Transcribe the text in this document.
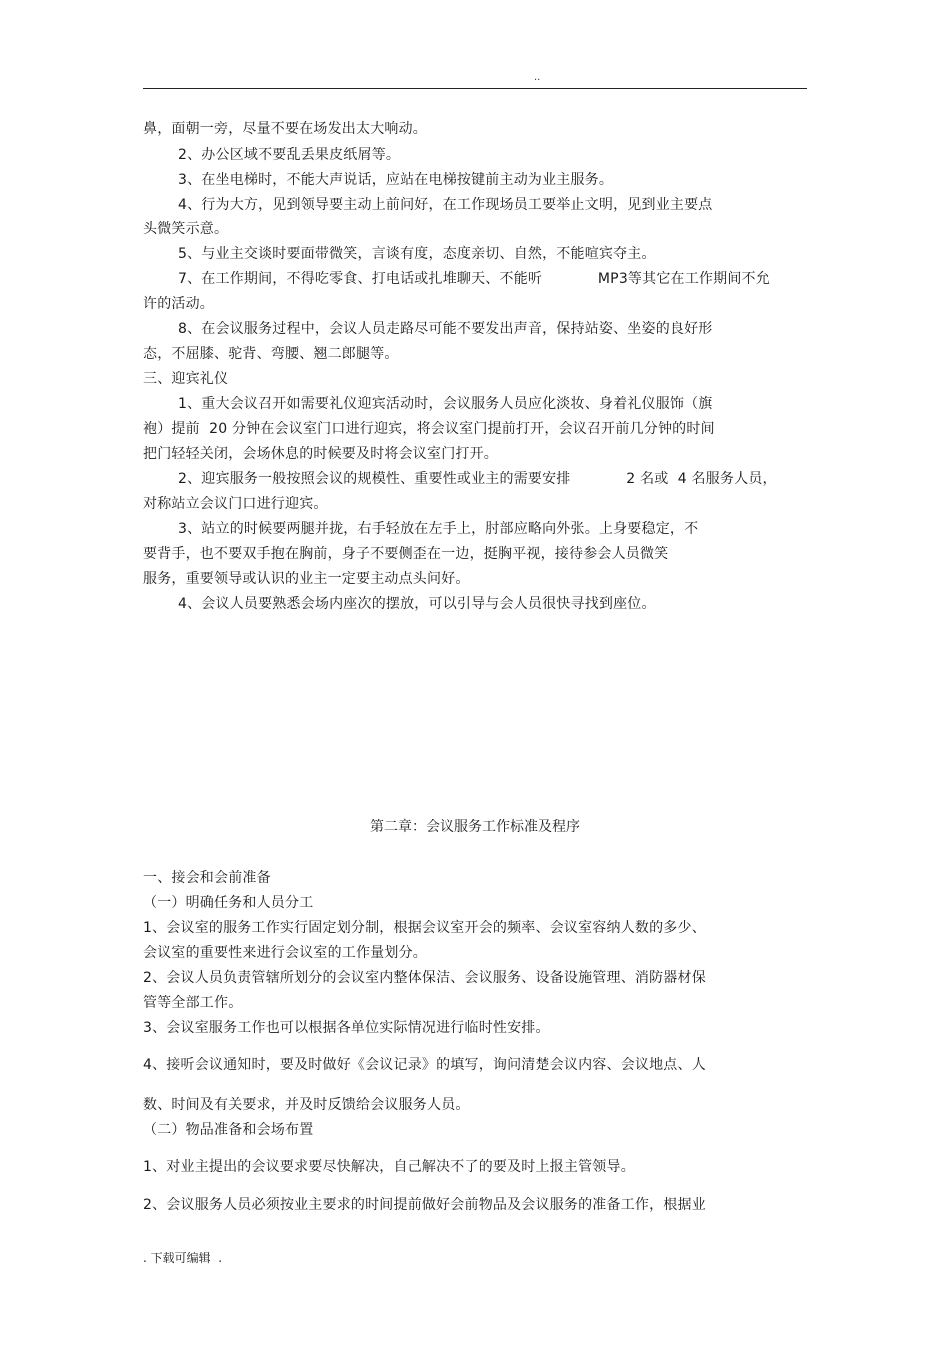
..
鼻，面朝一旁，尽量不要在场发出太大响动。
2、办公区域不要乱丢果皮纸屑等。
3、在坐电梯时，不能大声说话，应站在电梯按键前主动为业主服务。
4、行为大方，见到领导要主动上前问好，在工作现场员工要举止文明，见到业主要点
头微笑示意。
5、与业主交谈时要面带微笑，言谈有度，态度亲切、自然，不能喧宾夺主。
7、在工作期间，不得吃零食、打电话或扎堆聊天、不能听            MP3等其它在工作期间不允
许的活动。
8、在会议服务过程中，会议人员走路尽可能不要发出声音，保持站姿、坐姿的良好形
态，不屈膝、驼背、弯腰、翘二郎腿等。
三、迎宾礼仪
1、重大会议召开如需要礼仪迎宾活动时，会议服务人员应化淡妆、身着礼仪服饰（旗
袍）提前  20 分钟在会议室门口进行迎宾，将会议室门提前打开，会议召开前几分钟的时间
把门轻轻关闭，会场休息的时候要及时将会议室门打开。
2、迎宾服务一般按照会议的规模性、重要性或业主的需要安排            2 名或  4 名服务人员，
对称站立会议门口进行迎宾。
3、站立的时候要两腿并拢，右手轻放在左手上，肘部应略向外张。上身要稳定，不
要背手，也不要双手抱在胸前，身子不要侧歪在一边，挺胸平视，接待参会人员微笑
服务，重要领导或认识的业主一定要主动点头问好。
4、会议人员要熟悉会场内座次的摆放，可以引导与会人员很快寻找到座位。
第二章：会议服务工作标准及程序
一、接会和会前准备
（一）明确任务和人员分工
1、会议室的服务工作实行固定划分制，根据会议室开会的频率、会议室容纳人数的多少、
会议室的重要性来进行会议室的工作量划分。
2、会议人员负责管辖所划分的会议室内整体保洁、会议服务、设备设施管理、消防器材保
管等全部工作。
3、会议室服务工作也可以根据各单位实际情况进行临时性安排。
4、接听会议通知时，要及时做好《会议记录》的填写，询问清楚会议内容、会议地点、人
数、时间及有关要求，并及时反馈给会议服务人员。
（二）物品准备和会场布置
1、对业主提出的会议要求要尽快解决，自己解决不了的要及时上报主管领导。
2、会议服务人员必须按业主要求的时间提前做好会前物品及会议服务的准备工作，根据业
. 下载可编辑  .
